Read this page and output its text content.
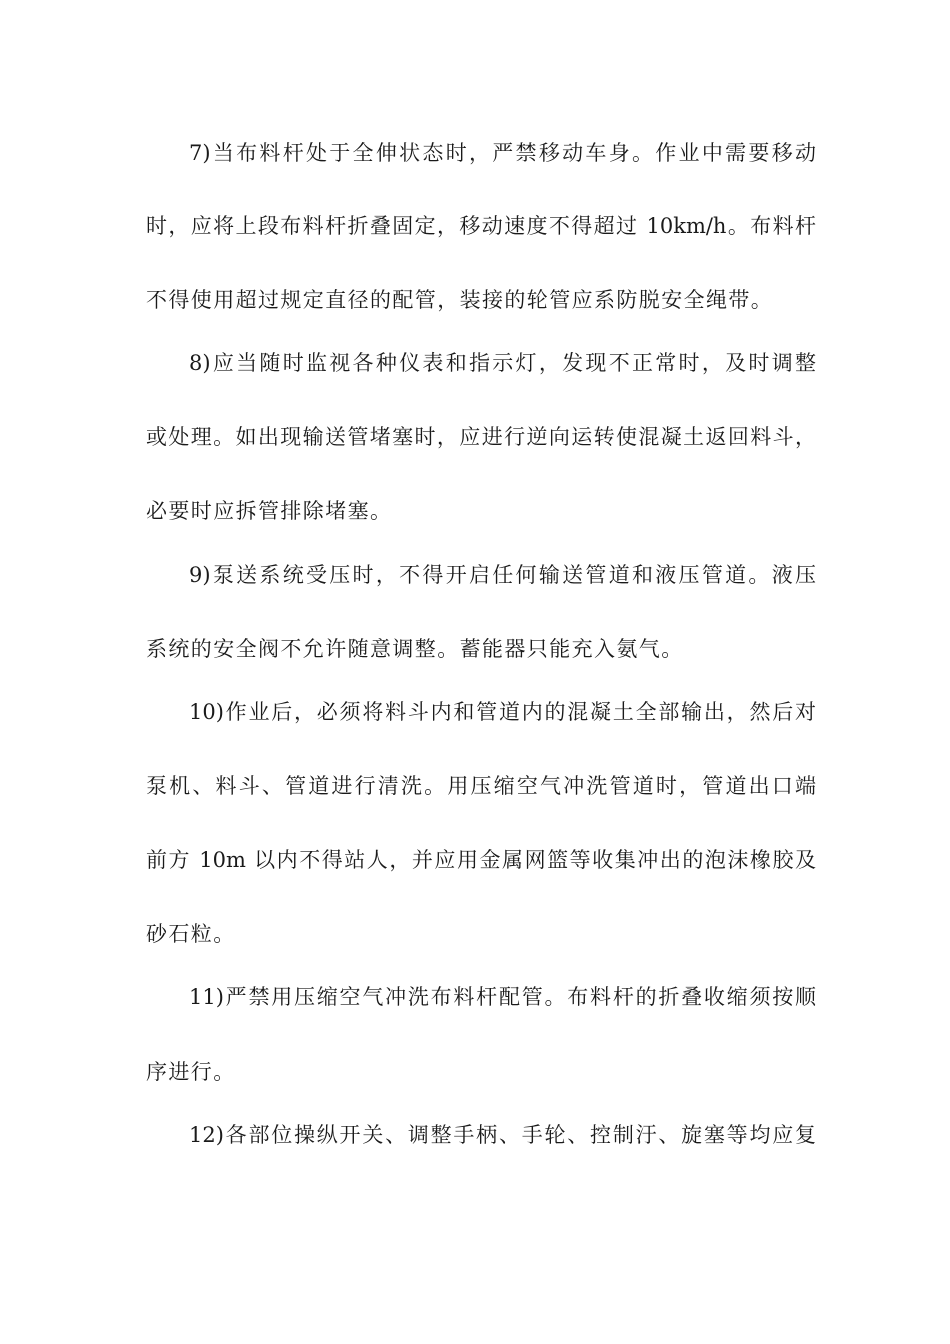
7)当布料杆处于全伸状态时，严禁移动车身。作业中需要移动
时，应将上段布料杆折叠固定，移动速度不得超过 10km/h。布料杆
不得使用超过规定直径的配管，装接的轮管应系防脱安全绳带。
8)应当随时监视各种仪表和指示灯，发现不正常时，及时调整
或处理。如出现输送管堵塞时，应进行逆向运转使混凝土返回料斗，
必要时应拆管排除堵塞。
9)泵送系统受压时，不得开启任何输送管道和液压管道。液压
系统的安全阀不允许随意调整。蓄能器只能充入氨气。
10)作业后，必须将料斗内和管道内的混凝土全部输出，然后对
泵机、料斗、管道进行清洗。用压缩空气冲洗管道时，管道出口端
前方 10m 以内不得站人，并应用金属网篮等收集冲出的泡沫橡胶及
砂石粒。
11)严禁用压缩空气冲洗布料杆配管。布料杆的折叠收缩须按顺
序进行。
12)各部位操纵开关、调整手柄、手轮、控制汙、旋塞等均应复
